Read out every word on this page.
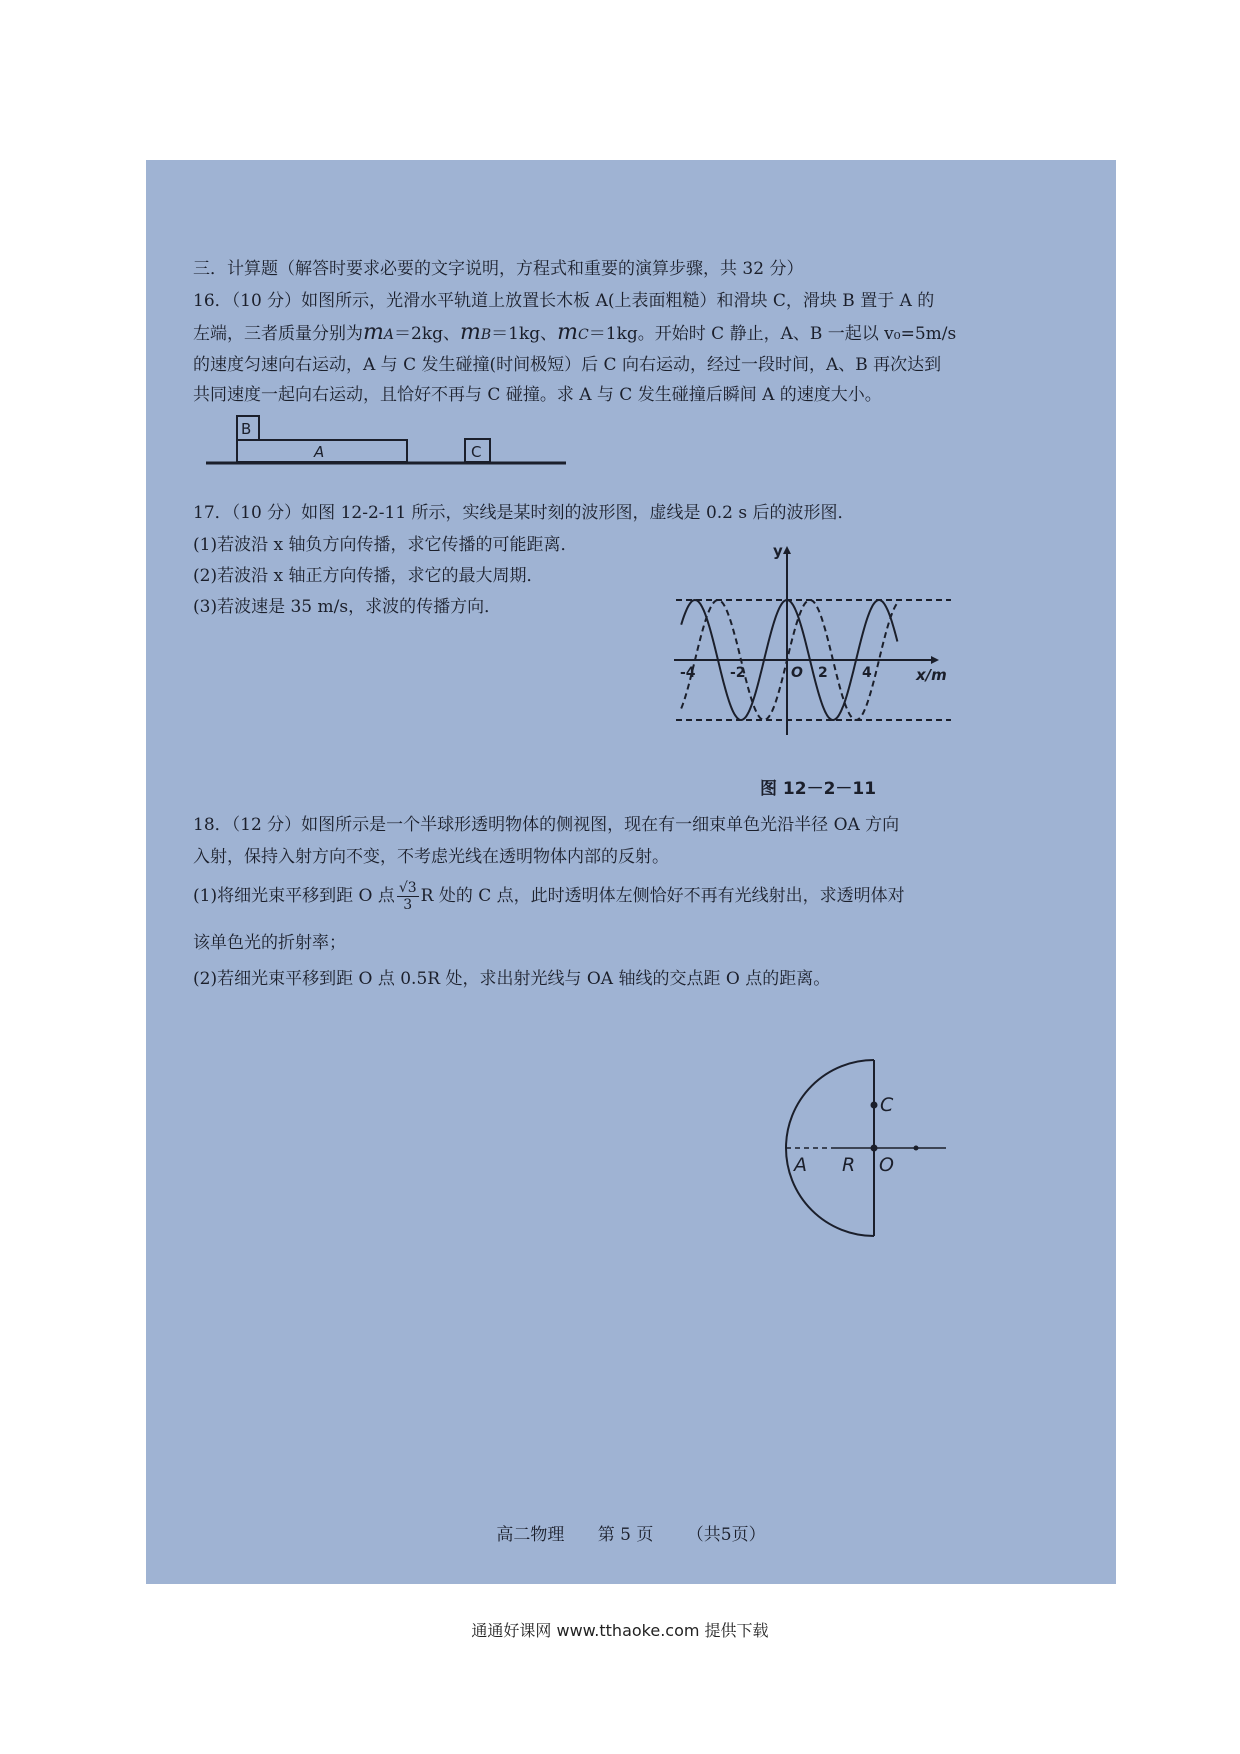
三．计算题（解答时要求必要的文字说明，方程式和重要的演算步骤，共 32 分）
16．（10 分）如图所示，光滑水平轨道上放置长木板 A(上表面粗糙）和滑块 C，滑块 B 置于 A 的
左端，三者质量分别为mA＝2kg、mB＝1kg、mC＝1kg。开始时 C 静止，A、B 一起以 v₀=5m/s
的速度匀速向右运动，A 与 C 发生碰撞(时间极短）后 C 向右运动，经过一段时间，A、B 再次达到
共同速度一起向右运动，且恰好不再与 C 碰撞。求 A 与 C 发生碰撞后瞬间 A 的速度大小。
B
A	C
17．（10 分）如图 12-2-11 所示，实线是某时刻的波形图，虚线是 0.2 s 后的波形图．
(1)若波沿 x 轴负方向传播，求它传播的可能距离．
(2)若波沿 x 轴正方向传播，求它的最大周期．
(3)若波速是 35 m/s，求波的传播方向．
y
x/m
-4 -2	O 2 4
图 12－2－11
18．（12 分）如图所示是一个半球形透明物体的侧视图，现在有一细束单色光沿半径 OA 方向
入射，保持入射方向不变，不考虑光线在透明物体内部的反射。
(1)将细光束平移到距 O 点 $\frac{√3}{3}$ R 处的 C 点，此时透明体左侧恰好不再有光线射出，求透明体对
该单色光的折射率；
(2)若细光束平移到距 O 点 0.5R 处，求出射光线与 OA 轴线的交点距 O 点的距离。
C
A R O
高二物理 第 5 页 （共5页）
通通好课网 www.tthaoke.com 提供下载
